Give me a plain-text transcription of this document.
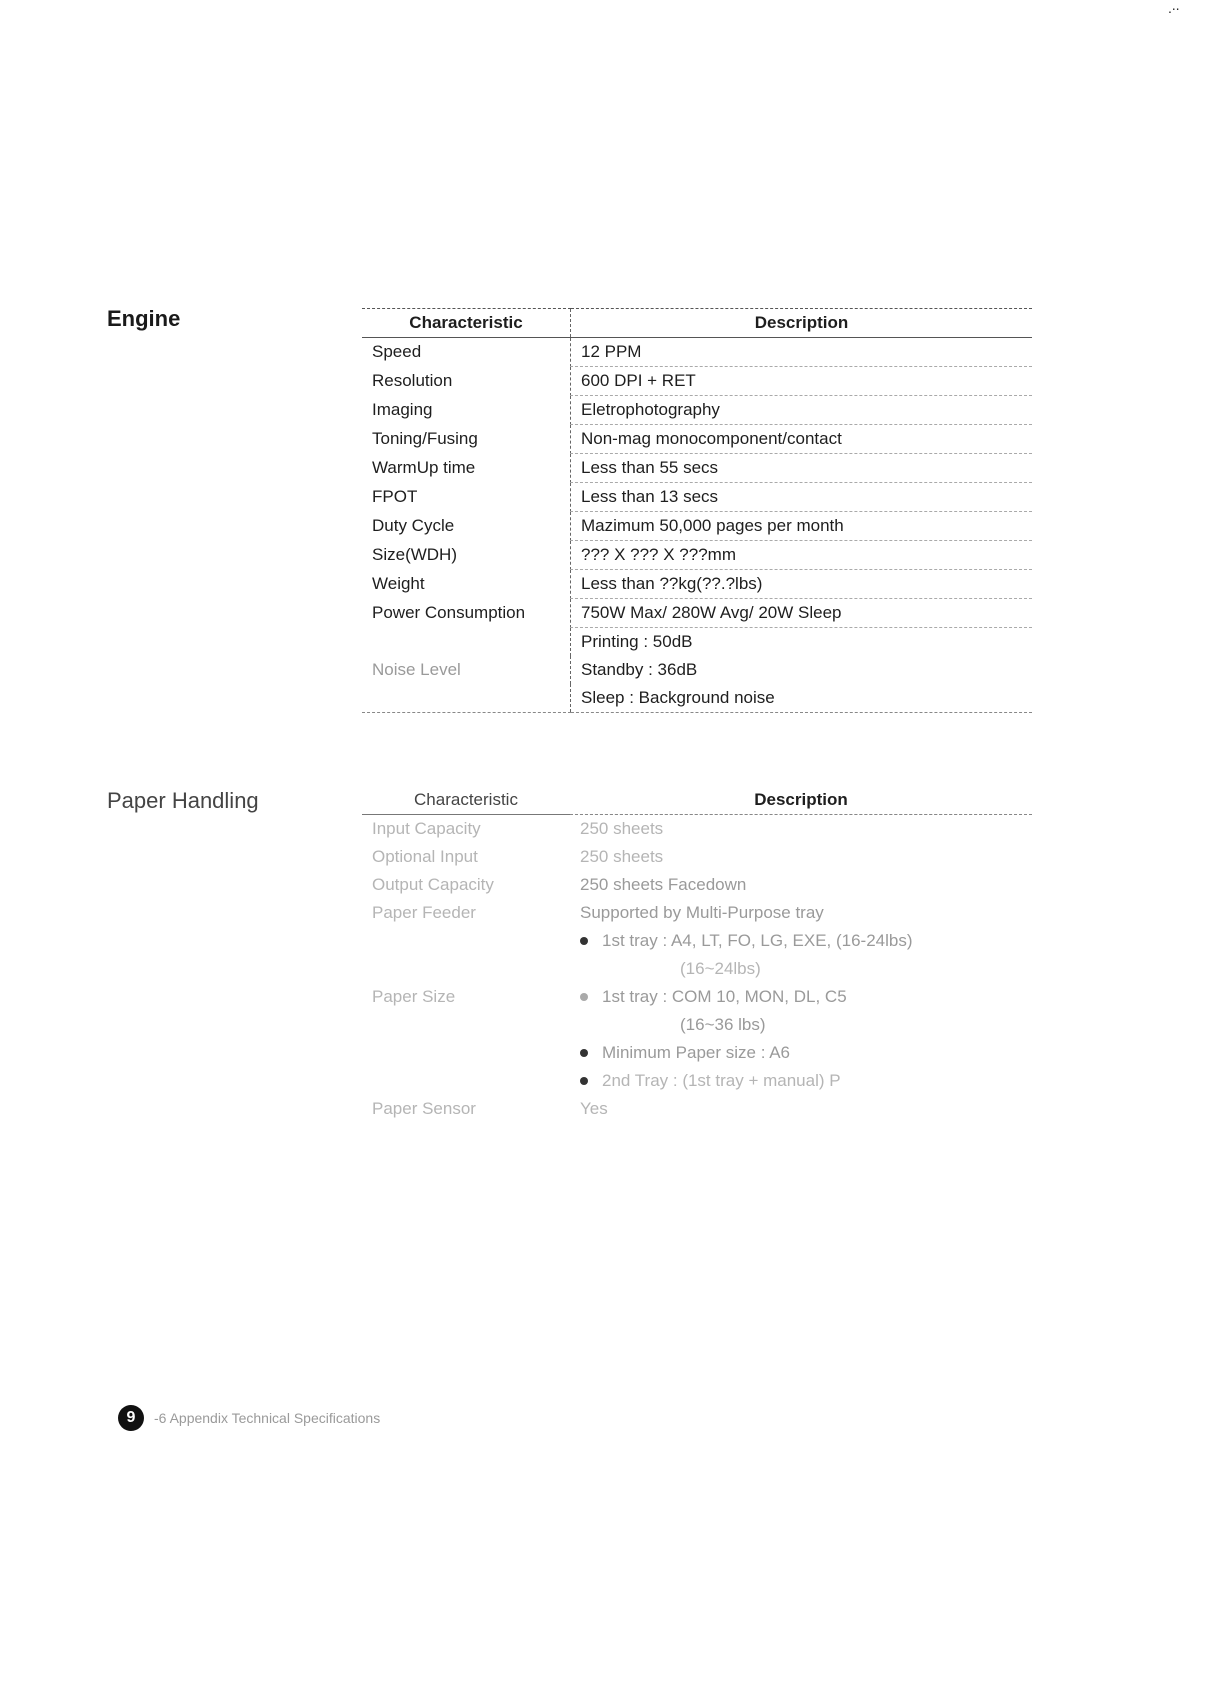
.∙∙
Engine	Characteristic	Description
Speed	12 PPM
Resolution	600 DPI + RET
Imaging	Eletrophotography
Toning/Fusing	Non-mag monocomponent/contact
WarmUp time	Less than 55 secs
FPOT	Less than 13 secs
Duty Cycle	Mazimum 50,000 pages per month
Size(WDH)	??? X ??? X ???mm
Weight	Less than ??kg(??.?lbs)
Power Consumption	750W Max/ 280W Avg/ 20W Sleep
	Printing : 50dB
Noise Level	Standby : 36dB
	Sleep : Background noise
Paper Handling	Characteristic	Description
Input Capacity	250 sheets
Optional Input	250 sheets
Output Capacity	250 sheets Facedown
Paper Feeder	Supported by Multi-Purpose tray
	1st tray : A4, LT, FO, LG, EXE, (16-24lbs)
	(16~24lbs)
Paper Size	1st tray : COM 10, MON, DL, C5
	(16~36 lbs)
	Minimum Paper size : A6
	2nd Tray : (1st tray + manual) P
Paper Sensor	Yes
9	-6 Appendix Technical Specifications
